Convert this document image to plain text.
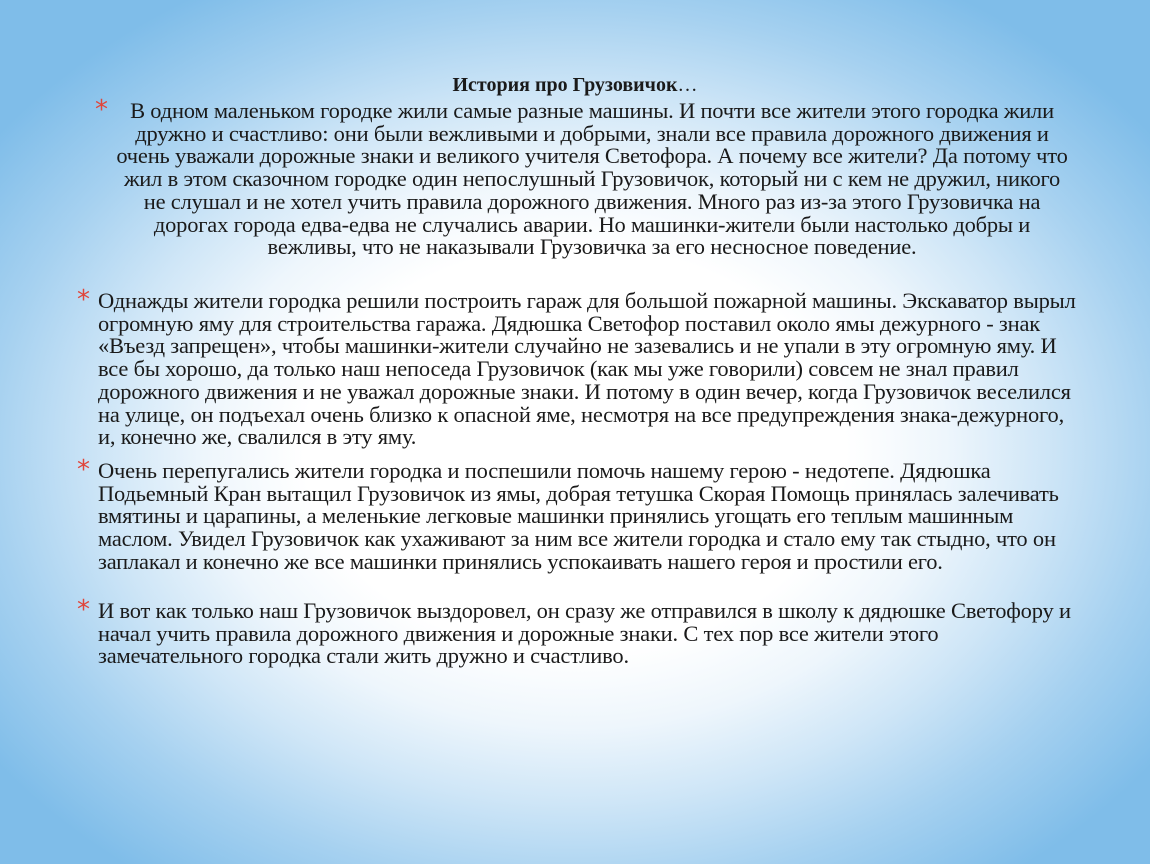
История про Грузовичок…
* В одном маленьком городке жили самые разные машины. И почти все жители этого городка жили дружно и счастливо: они были вежливыми и добрыми, знали все правила дорожного движения и очень уважали дорожные знаки и великого учителя Светофора. А почему все жители? Да потому что жил в этом сказочном городке один непослушный Грузовичок, который ни с кем не дружил, никого не слушал и не хотел учить правила дорожного движения. Много раз из-за этого Грузовичка на дорогах города едва-едва не случались аварии. Но машинки-жители были настолько добры и вежливы, что не наказывали Грузовичка за его несносное поведение.
* Однажды жители городка решили построить гараж для большой пожарной машины. Экскаватор вырыл огромную яму для строительства гаража. Дядюшка Светофор поставил около ямы дежурного - знак «Въезд запрещен», чтобы машинки-жители случайно не зазевались и не упали в эту огромную яму. И все бы хорошо, да только наш непоседа Грузовичок (как мы уже говорили) совсем не знал правил дорожного движения и не уважал дорожные знаки. И потому в один вечер, когда Грузовичок веселился на улице, он подъехал очень близко к опасной яме, несмотря на все предупреждения знака-дежурного, и, конечно же, свалился в эту яму.
* Очень перепугались жители городка и поспешили помочь нашему герою - недотепе. Дядюшка Подьемный Кран вытащил Грузовичок из ямы, добрая тетушка Скорая Помощь принялась залечивать вмятины и царапины, а меленькие легковые машинки принялись угощать его теплым машинным маслом. Увидел Грузовичок как ухаживают за ним все жители городка и стало ему так стыдно, что он заплакал и конечно же все машинки принялись успокаивать нашего героя и простили его.
* И вот как только наш Грузовичок выздоровел, он сразу же отправился в школу к дядюшке Светофору и начал учить правила дорожного движения и дорожные знаки. С тех пор все жители этого замечательного городка стали жить дружно и счастливо.
